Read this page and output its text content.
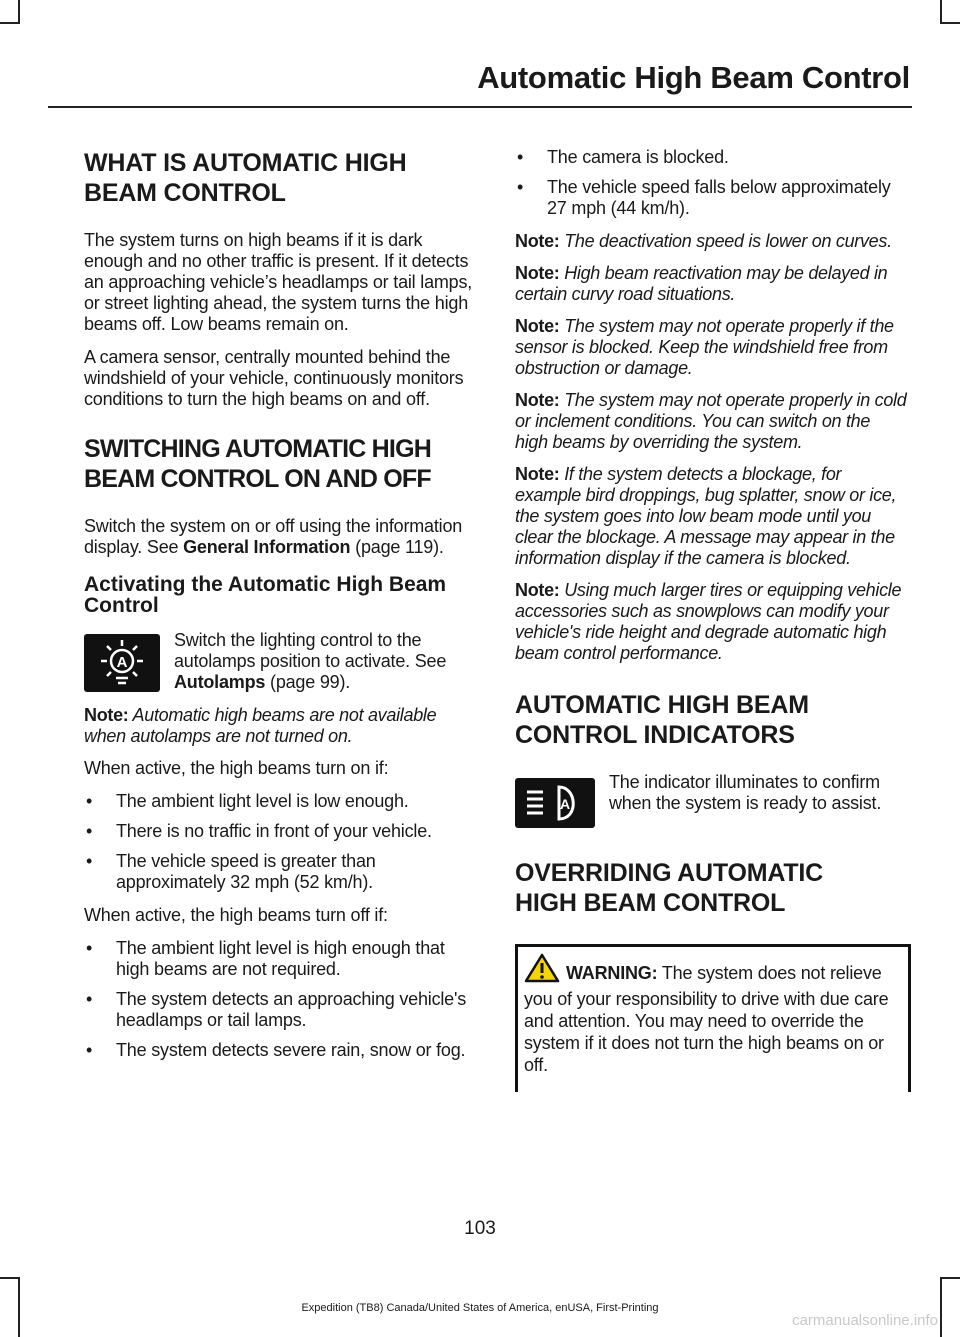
Automatic High Beam Control
WHAT IS AUTOMATIC HIGH
BEAM CONTROL

The system turns on high beams if it is dark enough and no other traffic is present. If it detects an approaching vehicle’s headlamps or tail lamps, or street lighting ahead, the system turns the high beams off. Low beams remain on.

A camera sensor, centrally mounted behind the windshield of your vehicle, continuously monitors conditions to turn the high beams on and off.

SWITCHING AUTOMATIC HIGH
BEAM CONTROL ON AND OFF

Switch the system on or off using the information display. See General Information (page 119).

Activating the Automatic High Beam Control
A

Switch the lighting control to the autolamps position to activate. See Autolamps (page 99).

Note: Automatic high beams are not available when autolamps are not turned on.

When active, the high beams turn on if:

• The ambient light level is low enough.
• There is no traffic in front of your vehicle.
• The vehicle speed is greater than approximately 32 mph (52 km/h).

When active, the high beams turn off if:

• The ambient light level is high enough that high beams are not required.
• The system detects an approaching vehicle's headlamps or tail lamps.
• The system detects severe rain, snow or fog.
• The camera is blocked.
• The vehicle speed falls below approximately 27 mph (44 km/h).

Note: The deactivation speed is lower on curves.

Note: High beam reactivation may be delayed in certain curvy road situations.

Note: The system may not operate properly if the sensor is blocked. Keep the windshield free from obstruction or damage.

Note: The system may not operate properly in cold or inclement conditions. You can switch on the high beams by overriding the system.

Note: If the system detects a blockage, for example bird droppings, bug splatter, snow or ice, the system goes into low beam mode until you clear the blockage. A message may appear in the information display if the camera is blocked.

Note: Using much larger tires or equipping vehicle accessories such as snowplows can modify your vehicle's ride height and degrade automatic high beam control performance.

AUTOMATIC HIGH BEAM
CONTROL INDICATORS
A

The indicator illuminates to confirm when the system is ready to assist.

OVERRIDING AUTOMATIC
HIGH BEAM CONTROL

WARNING: The system does not relieve you of your responsibility to drive with due care and attention. You may need to override the system if it does not turn the high beams on or off.

103
Expedition (TB8) Canada/United States of America, enUSA, First-Printing
carmanualsonline.info
